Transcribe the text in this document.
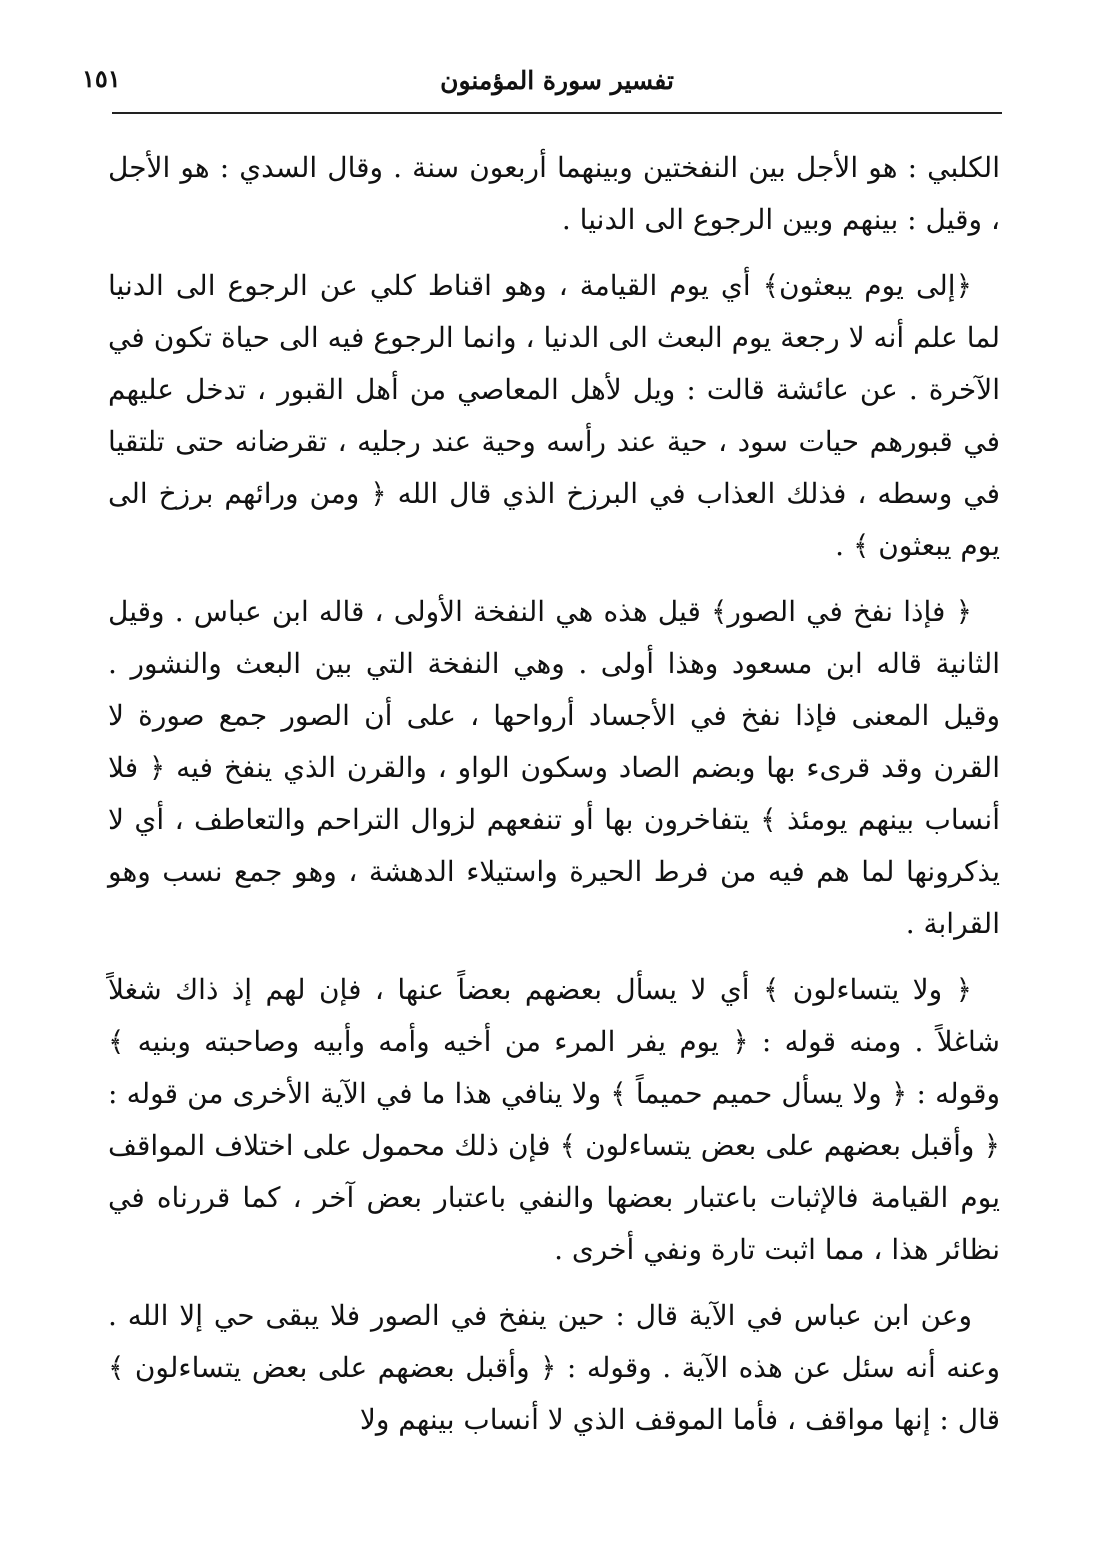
تفسير سورة المؤمنون
١٥١

الكلبي : هو الأجل بين النفختين وبينهما أربعون سنة . وقال السدي : هو الأجل ، وقيل : بينهم وبين الرجوع الى الدنيا .

﴿إلى يوم يبعثون﴾ أي يوم القيامة ، وهو اقناط كلي عن الرجوع الى الدنيا لما علم أنه لا رجعة يوم البعث الى الدنيا ، وانما الرجوع فيه الى حياة تكون في الآخرة . عن عائشة قالت : ويل لأهل المعاصي من أهل القبور ، تدخل عليهم في قبورهم حيات سود ، حية عند رأسه وحية عند رجليه ، تقرضانه حتى تلتقيا في وسطه ، فذلك العذاب في البرزخ الذي قال الله ﴿ ومن ورائهم برزخ الى يوم يبعثون ﴾ .

﴿ فإذا نفخ في الصور﴾ قيل هذه هي النفخة الأولى ، قاله ابن عباس . وقيل الثانية قاله ابن مسعود وهذا أولى . وهي النفخة التي بين البعث والنشور . وقيل المعنى فإذا نفخ في الأجساد أرواحها ، على أن الصور جمع صورة لا القرن وقد قرىء بها وبضم الصاد وسكون الواو ، والقرن الذي ينفخ فيه ﴿ فلا أنساب بينهم يومئذ ﴾ يتفاخرون بها أو تنفعهم لزوال التراحم والتعاطف ، أي لا يذكرونها لما هم فيه من فرط الحيرة واستيلاء الدهشة ، وهو جمع نسب وهو القرابة .

﴿ ولا يتساءلون ﴾ أي لا يسأل بعضهم بعضاً عنها ، فإن لهم إذ ذاك شغلاً شاغلاً . ومنه قوله : ﴿ يوم يفر المرء من أخيه وأمه وأبيه وصاحبته وبنيه ﴾ وقوله : ﴿ ولا يسأل حميم حميماً ﴾ ولا ينافي هذا ما في الآية الأخرى من قوله : ﴿ وأقبل بعضهم على بعض يتساءلون ﴾ فإن ذلك محمول على اختلاف المواقف يوم القيامة فالإثبات باعتبار بعضها والنفي باعتبار بعض آخر ، كما قررناه في نظائر هذا ، مما اثبت تارة ونفي أخرى .

وعن ابن عباس في الآية قال : حين ينفخ في الصور فلا يبقى حي إلا الله . وعنه أنه سئل عن هذه الآية . وقوله : ﴿ وأقبل بعضهم على بعض يتساءلون ﴾ قال : إنها مواقف ، فأما الموقف الذي لا أنساب بينهم ولا
